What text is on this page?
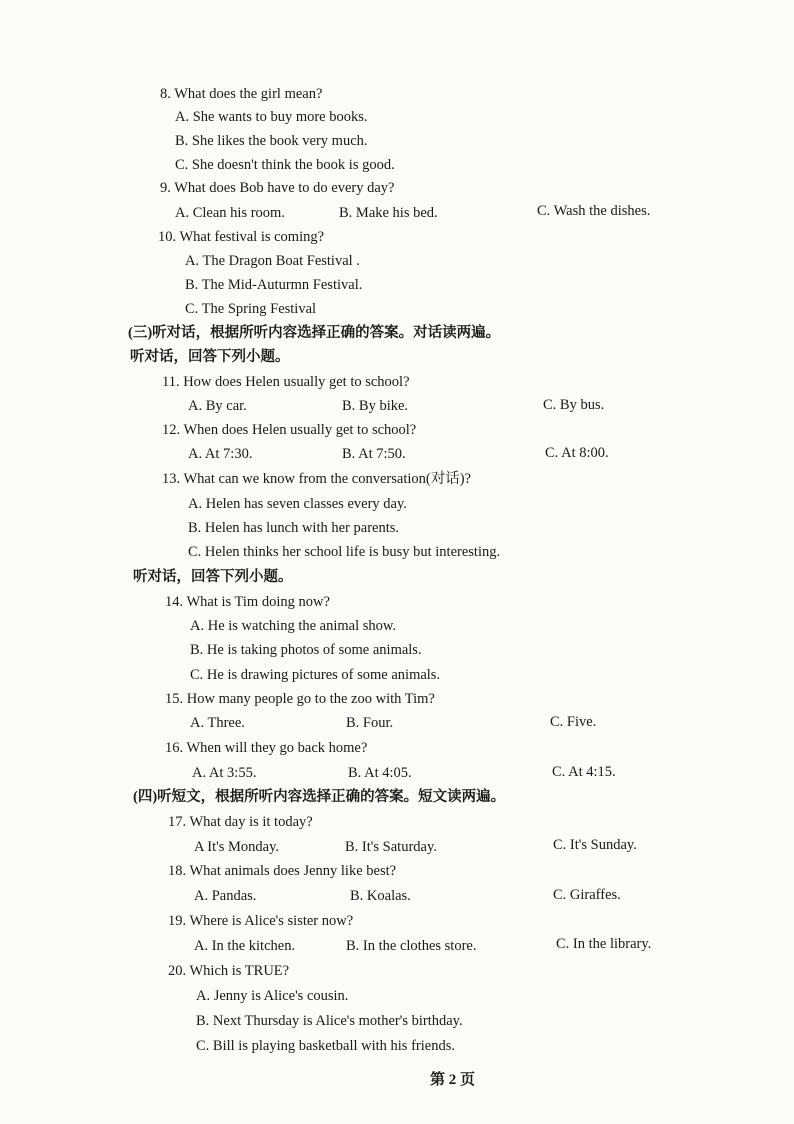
8. What does the girl mean?
A. She wants to buy more books.
B. She likes the book very much.
C. She doesn't think the book is good.
9. What does Bob have to do every day?
A. Clean his room.	B. Make his bed.	C. Wash the dishes.
10. What festival is coming?
A. The Dragon Boat Festival .
B. The Mid-Auturmn Festival.
C. The Spring Festival
(三)听对话，根据所听内容选择正确的答案。对话读两遍。
听对话，回答下列小题。
11. How does Helen usually get to school?
A. By car.	B. By bike.	C. By bus.
12. When does Helen usually get to school?
A. At 7:30.	B. At 7:50.	C. At 8:00.
13. What can we know from the conversation(对话)?
A. Helen has seven classes every day.
B. Helen has lunch with her parents.
C. Helen thinks her school life is busy but interesting.
听对话，回答下列小题。
14. What is Tim doing now?
A. He is watching the animal show.
B. He is taking photos of some animals.
C. He is drawing pictures of some animals.
15. How many people go to the zoo with Tim?
A. Three.	B. Four.	C. Five.
16. When will they go back home?
A. At 3:55.	B. At 4:05.	C. At 4:15.
(四)听短文，根据所听内容选择正确的答案。短文读两遍。
17. What day is it today?
A It's Monday.	B. It's Saturday.	C. It's Sunday.
18. What animals does Jenny like best?
A. Pandas.	B. Koalas.	C. Giraffes.
19. Where is Alice's sister now?
A. In the kitchen.	B. In the clothes store.	C. In the library.
20. Which is TRUE?
A. Jenny is Alice's cousin.
B. Next Thursday is Alice's mother's birthday.
C. Bill is playing basketball with his friends.
第 2 页
